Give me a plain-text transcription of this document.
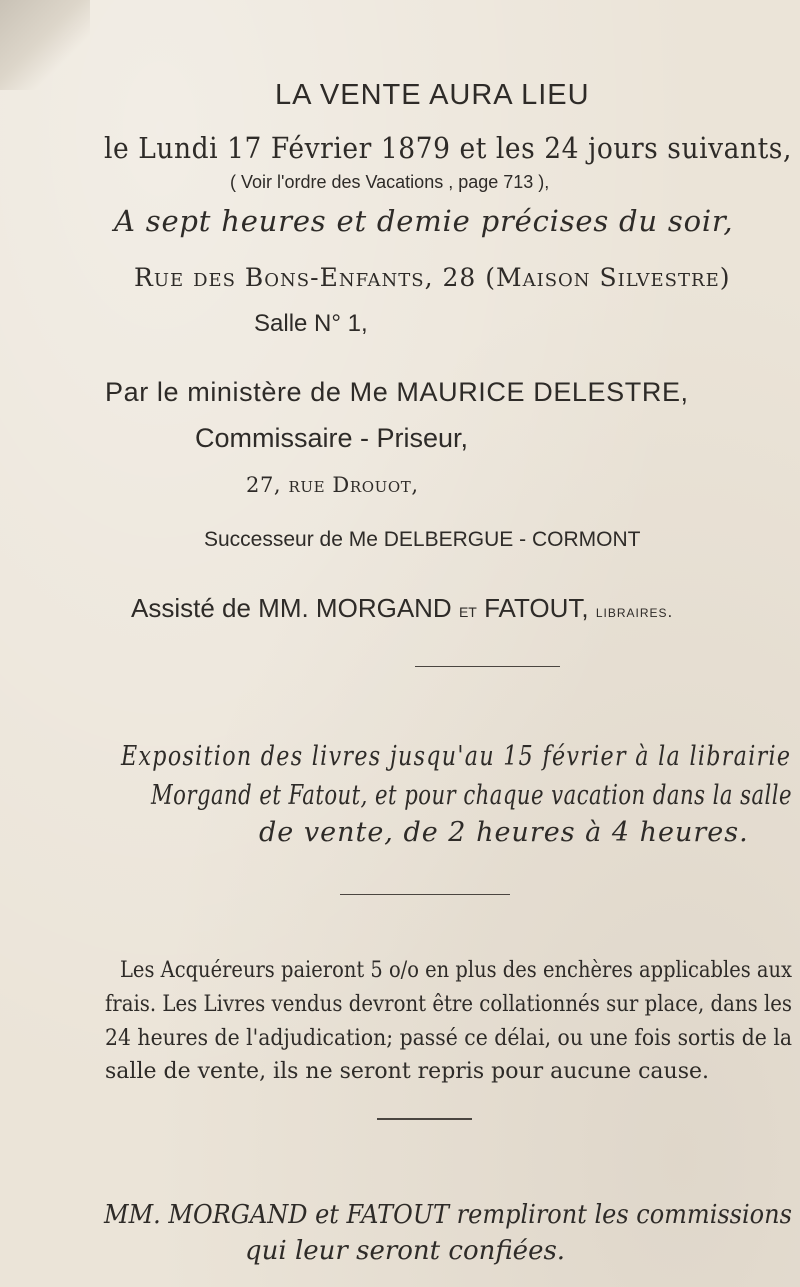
LA VENTE AURA LIEU

le Lundi 17 Février 1879 et les 24 jours suivants,

( Voir l'ordre des Vacations , page 713 ),

A sept heures et demie précises du soir,

Rue des Bons-Enfants, 28 (Maison Silvestre)

Salle N° 1,

Par le ministère de Me MAURICE DELESTRE,

Commissaire - Priseur,

27, rue Drouot,

Successeur de Me DELBERGUE - CORMONT

Assisté de MM. MORGAND et FATOUT, libraires.

Exposition des livres jusqu'au 15 février à la librairie

Morgand et Fatout, et pour chaque vacation dans la salle

de vente, de 2 heures à 4 heures.

Les Acquéreurs paieront 5 o/o en plus des enchères applicables aux

frais. Les Livres vendus devront être collationnés sur place, dans les

24 heures de l'adjudication; passé ce délai, ou une fois sortis de la

salle de vente, ils ne seront repris pour aucune cause.

MM. MORGAND et FATOUT rempliront les commissions

qui leur seront confiées.
